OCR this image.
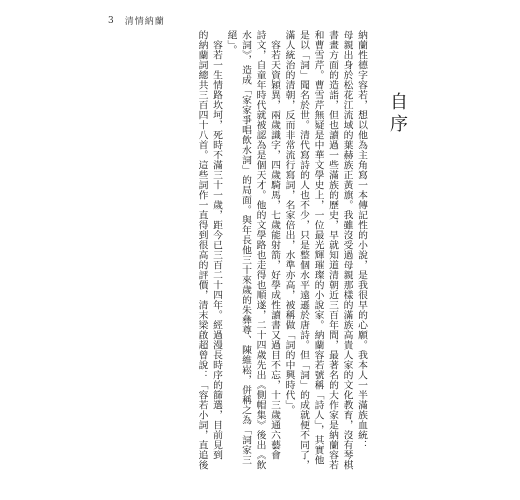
3 清情納蘭
自序
納蘭性德字容若，想以他為主角寫一本傳記性的小說，是我很早的心願。我本人一半滿族血統：
母親出身於松花江流域的葉赫族正黃旗。我雖沒受過母親那樣的滿族高貴人家的文化教育，沒有琴棋
書畫方面的造詣，但也讀過一些滿族的歷史，早就知道清朝近三百年間，最著名的大作家是納蘭容若
和曹雪芹。曹雪芹無疑是中華文學史上，一位最光輝璀璨的小說家。納蘭容若號稱「詩人」，其實他
是以「詞」聞名於世。清代寫詩的人也不少，只是整個水平遠遜於唐詩。但「詞」的成就便不同了，
滿人統治的清朝，反而非常流行寫詞，名家倍出，水準亦高，被稱做「詞的中興時代」。
　容若天資穎異，兩歲識字，四歲騎馬，七歲能射箭，好學成性讀書又過目不忘，十三歲通六藝會
詩文，自童年時代就被認為是個天才。他的文學路也走得也順遂，二十四歲先出《側帽集》後出《飲
水詞》，造成「家家爭唱飲水詞」的局面。與年長他三十來歲的朱彝尊、陳維崧，併稱之為「詞家三
絕」。
　容若一生情路坎坷，死時不滿三十一歲，距今已三百二十四年。經過漫長時序的篩選，目前見到
的納蘭詞總共三百四十八首。這些詞作一直得到很高的評價，清末梁啟超曾說：「容若小詞，直追後
